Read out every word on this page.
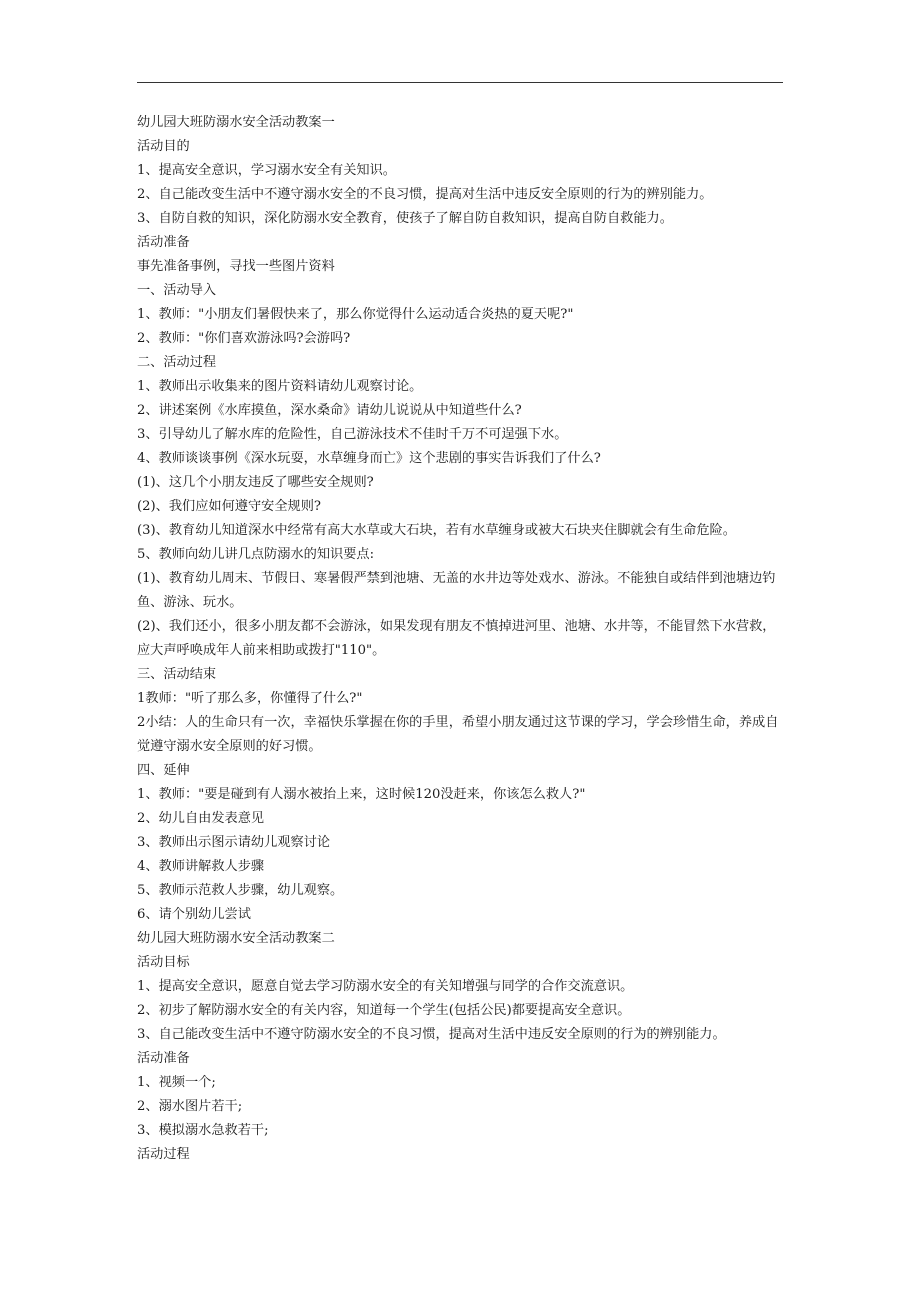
幼儿园大班防溺水安全活动教案一

活动目的

1、提高安全意识，学习溺水安全有关知识。

2、自己能改变生活中不遵守溺水安全的不良习惯，提高对生活中违反安全原则的行为的辨别能力。

3、自防自救的知识，深化防溺水安全教育，使孩子了解自防自救知识，提高自防自救能力。

活动准备

事先准备事例，寻找一些图片资料

一、活动导入

1、教师："小朋友们暑假快来了，那么你觉得什么运动适合炎热的夏天呢?"

2、教师："你们喜欢游泳吗?会游吗?

二、活动过程

1、教师出示收集来的图片资料请幼儿观察讨论。

2、讲述案例《水库摸鱼，深水桑命》请幼儿说说从中知道些什么?

3、引导幼儿了解水库的危险性，自己游泳技术不佳时千万不可逞强下水。

4、教师谈谈事例《深水玩耍，水草缠身而亡》这个悲剧的事实告诉我们了什么?

(1)、这几个小朋友违反了哪些安全规则?

(2)、我们应如何遵守安全规则?

(3)、教育幼儿知道深水中经常有高大水草或大石块，若有水草缠身或被大石块夹住脚就会有生命危险。

5、教师向幼儿讲几点防溺水的知识要点:

(1)、教育幼儿周末、节假日、寒暑假严禁到池塘、无盖的水井边等处戏水、游泳。不能独自或结伴到池塘边钓鱼、游泳、玩水。

(2)、我们还小，很多小朋友都不会游泳，如果发现有朋友不慎掉进河里、池塘、水井等，不能冒然下水营救，应大声呼唤成年人前来相助或拨打"110"。

三、活动结束

1教师："听了那么多，你懂得了什么?"

2小结：人的生命只有一次，幸福快乐掌握在你的手里，希望小朋友通过这节课的学习，学会珍惜生命，养成自觉遵守溺水安全原则的好习惯。

四、延伸

1、教师："要是碰到有人溺水被抬上来，这时候120没赶来，你该怎么救人?"

2、幼儿自由发表意见

3、教师出示图示请幼儿观察讨论

4、教师讲解救人步骤

5、教师示范救人步骤，幼儿观察。

6、请个别幼儿尝试

幼儿园大班防溺水安全活动教案二

活动目标

1、提高安全意识，愿意自觉去学习防溺水安全的有关知增强与同学的合作交流意识。

2、初步了解防溺水安全的有关内容，知道每一个学生(包括公民)都要提高安全意识。

3、自己能改变生活中不遵守防溺水安全的不良习惯，提高对生活中违反安全原则的行为的辨别能力。

活动准备

1、视频一个;

2、溺水图片若干;

3、模拟溺水急救若干;

活动过程
